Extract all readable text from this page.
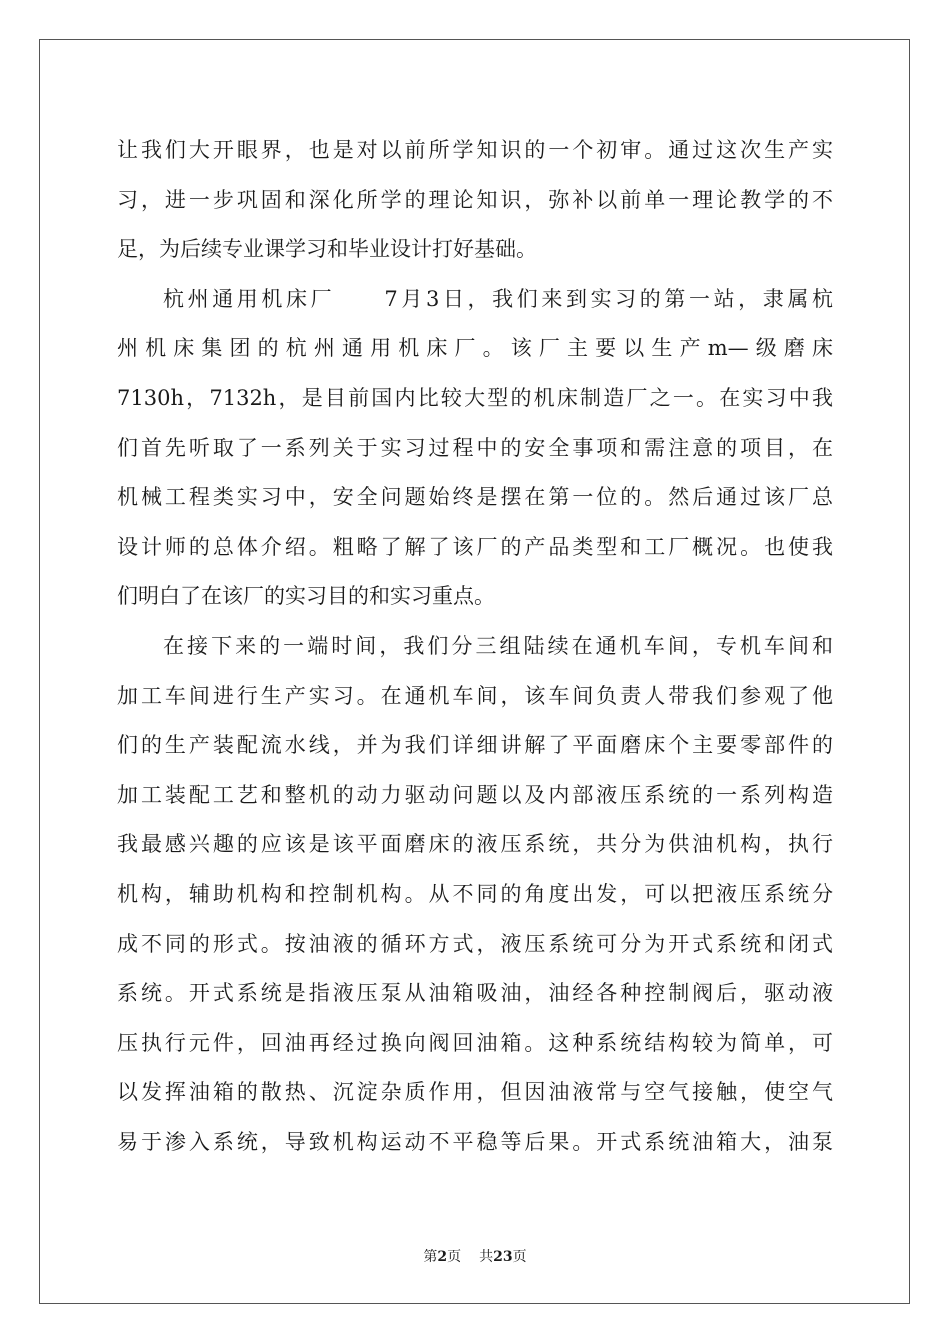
让我们大开眼界，也是对以前所学知识的一个初审。通过这次生产实
习，进一步巩固和深化所学的理论知识，弥补以前单一理论教学的不
足，为后续专业课学习和毕业设计打好基础。
杭州通用机床厂　　7月3日，我们来到实习的第一站，隶属杭
州机床集团的杭州通用机床厂。该厂主要以生产m—级磨床
7130h，7132h，是目前国内比较大型的机床制造厂之一。在实习中我
们首先听取了一系列关于实习过程中的安全事项和需注意的项目，在
机械工程类实习中，安全问题始终是摆在第一位的。然后通过该厂总
设计师的总体介绍。粗略了解了该厂的产品类型和工厂概况。也使我
们明白了在该厂的实习目的和实习重点。
在接下来的一端时间，我们分三组陆续在通机车间，专机车间和
加工车间进行生产实习。在通机车间，该车间负责人带我们参观了他
们的生产装配流水线，并为我们详细讲解了平面磨床个主要零部件的
加工装配工艺和整机的动力驱动问题以及内部液压系统的一系列构造
我最感兴趣的应该是该平面磨床的液压系统，共分为供油机构，执行
机构，辅助机构和控制机构。从不同的角度出发，可以把液压系统分
成不同的形式。按油液的循环方式，液压系统可分为开式系统和闭式
系统。开式系统是指液压泵从油箱吸油，油经各种控制阀后，驱动液
压执行元件，回油再经过换向阀回油箱。这种系统结构较为简单，可
以发挥油箱的散热、沉淀杂质作用，但因油液常与空气接触，使空气
易于渗入系统，导致机构运动不平稳等后果。开式系统油箱大，油泵
第2页 共23页
